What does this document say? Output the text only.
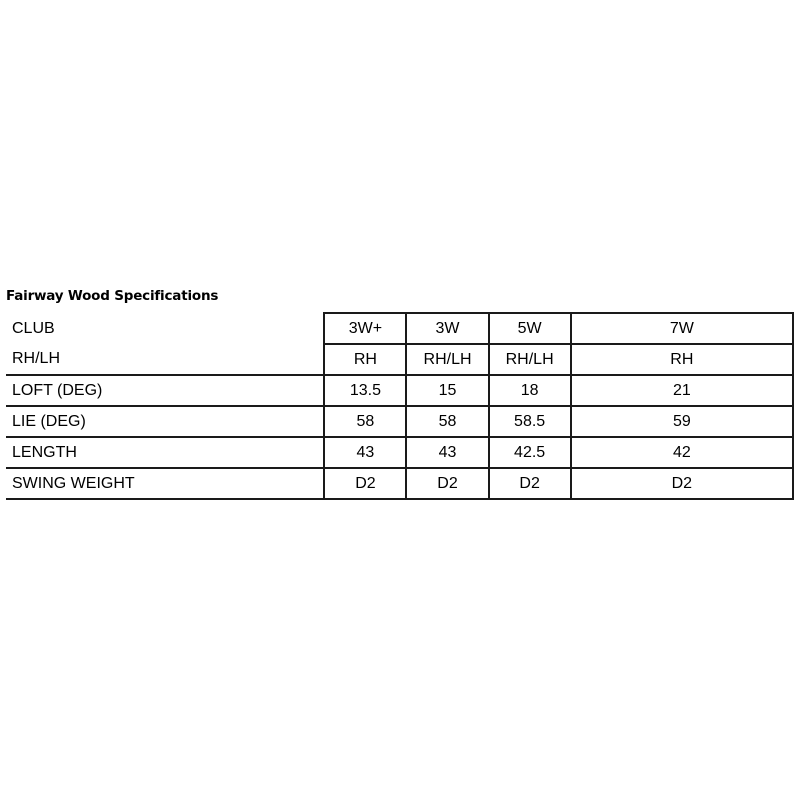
Fairway Wood Specifications
CLUB	3W+	3W	5W	7W
RH/LH	RH	RH/LH	RH/LH	RH
LOFT (DEG)	13.5	15	18	21
LIE (DEG)	58	58	58.5	59
LENGTH	43	43	42.5	42
SWING WEIGHT	D2	D2	D2	D2
